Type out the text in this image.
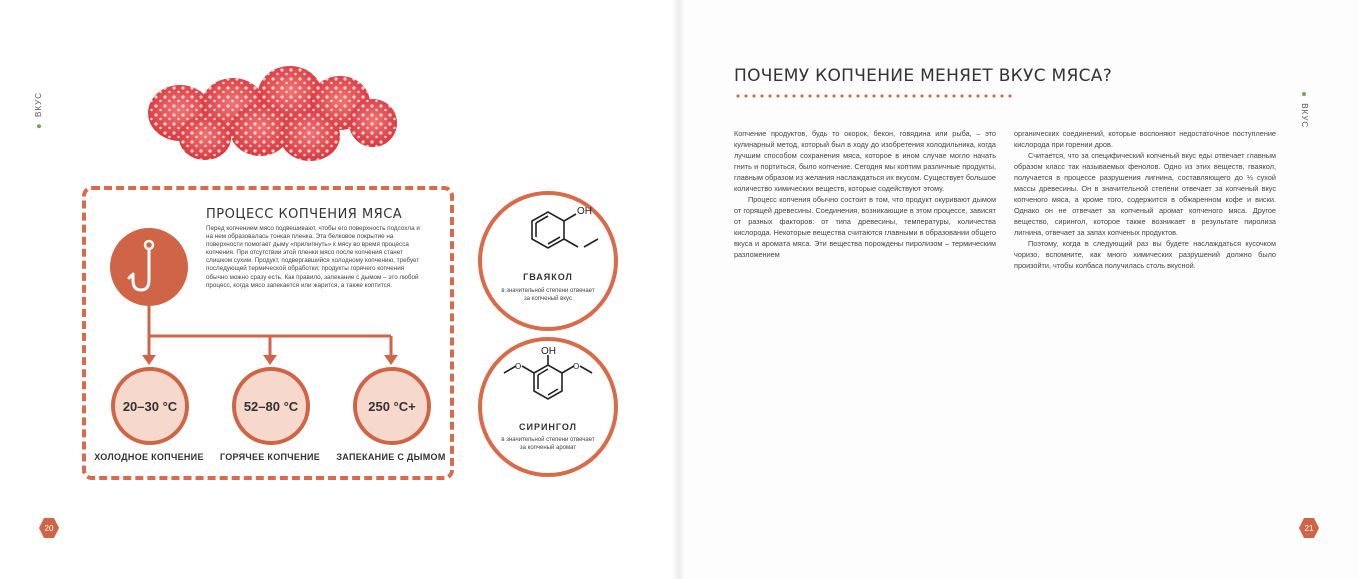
ВКУС	ВКУС
ПРОЦЕСС КОПЧЕНИЯ МЯСА
Перед копчением мясо подвешивают, чтобы его поверхность подсохла и на нем образовалась тонкая пленка. Эта белковое покрытие на поверхности помогает дыму «прилипнуть» к мясу во время процесса копчения. При отсутствии этой пленки мясо после копчения станет слишком сухим. Продукт, подвергавшийся холодному копчению, требует последующей термической обработки; продукты горячего копчения обычно можно сразу есть. Как правило, запекание с дымом – это любой процесс, когда мясо запекается или жарится, а также коптится.
20–30 °C	52–80 °C	250 °C+
ХОЛОДНОЕ КОПЧЕНИЕ	ГОРЯЧЕЕ КОПЧЕНИЕ	ЗАПЕКАНИЕ С ДЫМОМ
OH
ГВАЯКОЛ
в значительной степени отвечает за копченый вкус
OH
O	O
СИРИНГОЛ
в значительной степени отвечает за копченый аромат
20	21
ПОЧЕМУ КОПЧЕНИЕ МЕНЯЕТ ВКУС МЯСА?

Копчение продуктов, будь то окорок, бекон, говядина или рыба, – это кулинарный метод, который был в ходу до изобретения холодильника, когда лучшим способом сохранения мяса, которое в ином случае могло начать гнить и портиться, было копчение. Сегодня мы коптим различные продукты, главным образом из желания наслаждаться их вкусом. Существует большое количество химических веществ, которые содействуют этому.

Процесс копчения обычно состоит в том, что продукт окуривают дымом от горящей древесины. Соединения, возникающие в этом процессе, зависят от разных факторов: от типа древесины, температуры, количества кислорода. Некоторые вещества считаются главными в образовании общего вкуса и аромата мяса. Эти вещества порождены пиролизом – термическим разложением

органических соединений, которые воспоняют недостаточное поступление кислорода при горении дров.

Считается, что за специфический копченый вкус еды отвечает главным образом класс так называемых фенолов. Одно из этих веществ, гваякол, получается в процессе разрушения лигнина, составляющего до ⅓ сухой массы древесины. Он в значительной степени отвечает за копченый вкус копченого мяса, а кроме того, содержится в обжаренном кофе и виски. Однако он не отвечает за копченый аромат копченого мяса. Другое вещество, сирингол, которое также возникает в результате пиролиза лигнина, отвечает за запах копченых продуктов.

Поэтому, когда в следующий раз вы будете наслаждаться кусочком чоризо, вспомните, как много химических разрушений должно было произойти, чтобы колбаса получилась столь вкусной.
